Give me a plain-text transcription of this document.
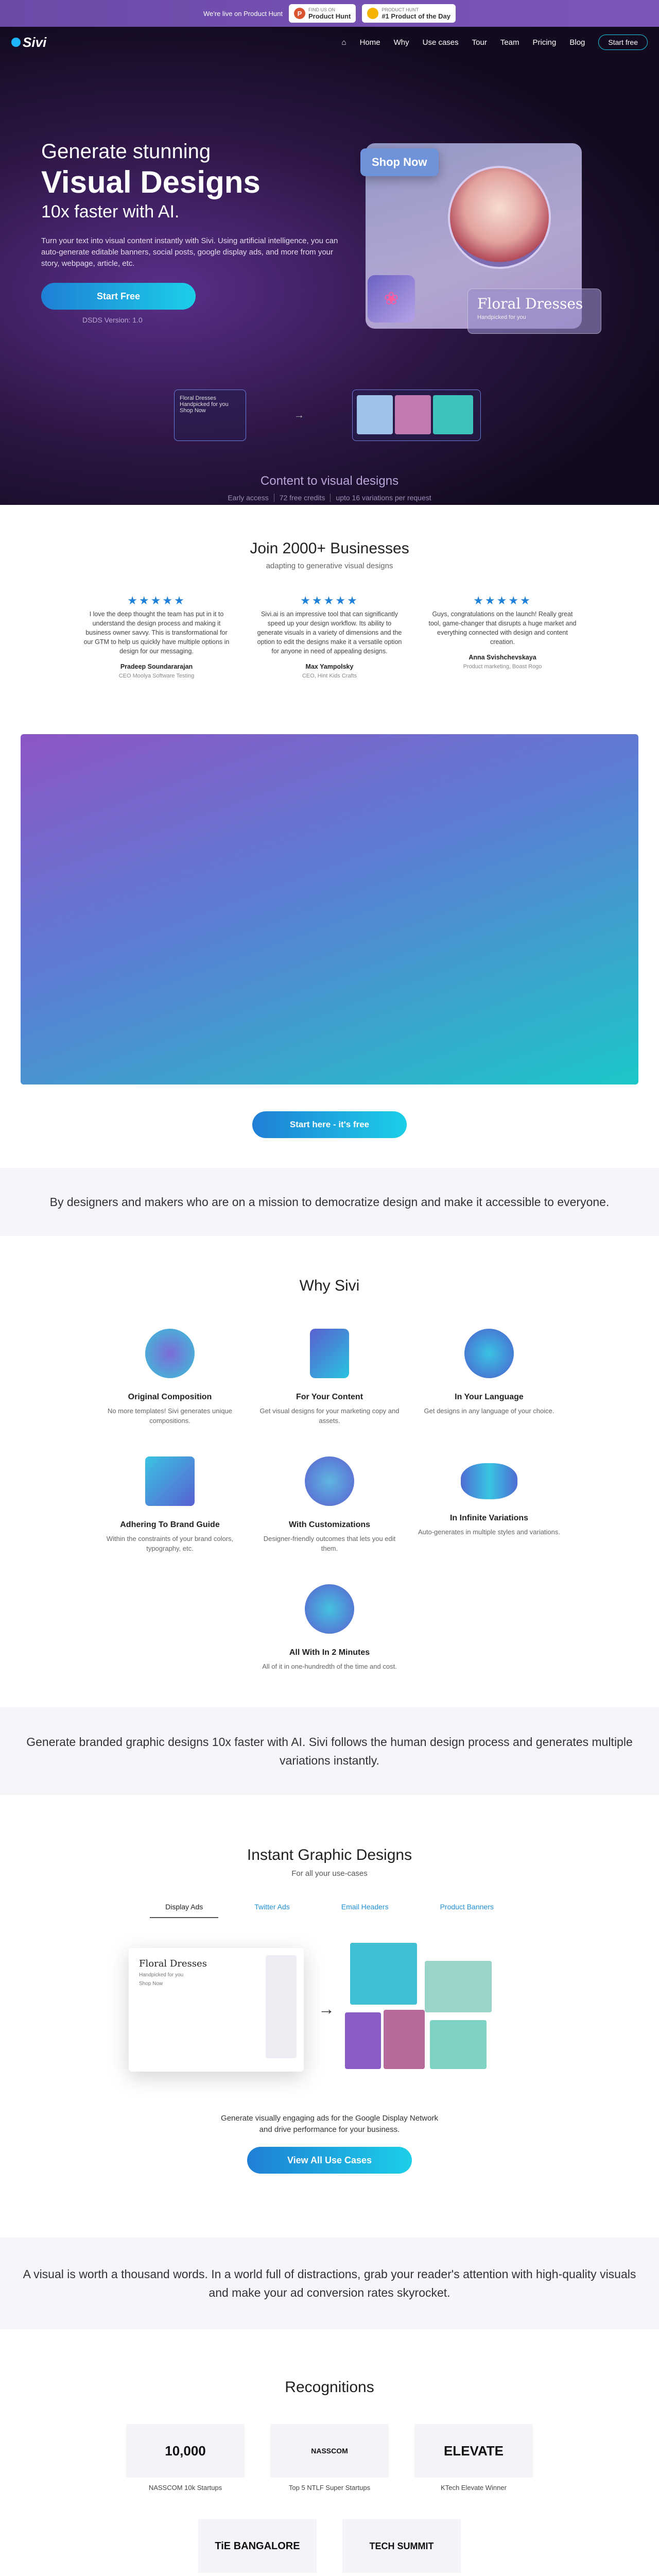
We're live on Product Hunt	P	FIND US ON
Product Hunt
PRODUCT HUNT
#1 Product of the Day
Sivi	⌂ Home Why Use cases Tour Team Pricing Blog	Start free
Generate stunning
Visual Designs
10x faster with AI.

Turn your text into visual content instantly with Sivi. Using artificial intelligence, you can auto-generate editable banners, social posts, google display ads, and more from your story, webpage, article, etc.

Start Free
DSDS Version: 1.0
Shop Now
❀	Floral Dresses
Handpicked for you
Floral Dresses Handpicked for you Shop Now	→
Content to visual designs
Early access 72 free credits upto 16 variations per request
Join 2000+ Businesses
adapting to generative visual designs
★★★★★
I love the deep thought the team has put in it to understand the design process and making it business owner savvy. This is transformational for our GTM to help us quickly have multiple options in design for our messaging.
Pradeep Soundararajan
CEO Moolya Software Testing
★★★★★
Sivi.ai is an impressive tool that can significantly speed up your design workflow. Its ability to generate visuals in a variety of dimensions and the option to edit the designs make it a versatile option for anyone in need of appealing designs.
Max Yampolsky
CEO, Hint Kids Crafts
★★★★★
Guys, congratulations on the launch! Really great tool, game-changer that disrupts a huge market and everything connected with design and content creation.
Anna Svishchevskaya
Product marketing, Boast Rogo
Start here - it's free
By designers and makers who are on a mission to democratize design and make it accessible to everyone.
Why Sivi
Original Composition

No more templates! Sivi generates unique compositions.

For Your Content

Get visual designs for your marketing copy and assets.

In Your Language

Get designs in any language of your choice.

Adhering To Brand Guide

Within the constraints of your brand colors, typography, etc.

With Customizations

Designer-friendly outcomes that lets you edit them.

In Infinite Variations

Auto-generates in multiple styles and variations.

All With In 2 Minutes

All of it in one-hundredth of the time and cost.

Generate branded graphic designs 10x faster with AI. Sivi follows the human design process and generates multiple variations instantly.
Instant Graphic Designs
For all your use-cases
Display Ads	Twitter Ads	Email Headers	Product Banners
Floral Dresses
Handpicked for you
Shop Now
→
Generate visually engaging ads for the Google Display Network
and drive performance for your business.
View All Use Cases
A visual is worth a thousand words. In a world full of distractions, grab your reader's attention with high-quality visuals and make your ad conversion rates skyrocket.
Recognitions
10,000
NASSCOM 10k Startups
NASSCOM
Top 5 NTLF Super Startups
ELEVATE
KTech Elevate Winner
TiE BANGALORE	TECH SUMMIT
